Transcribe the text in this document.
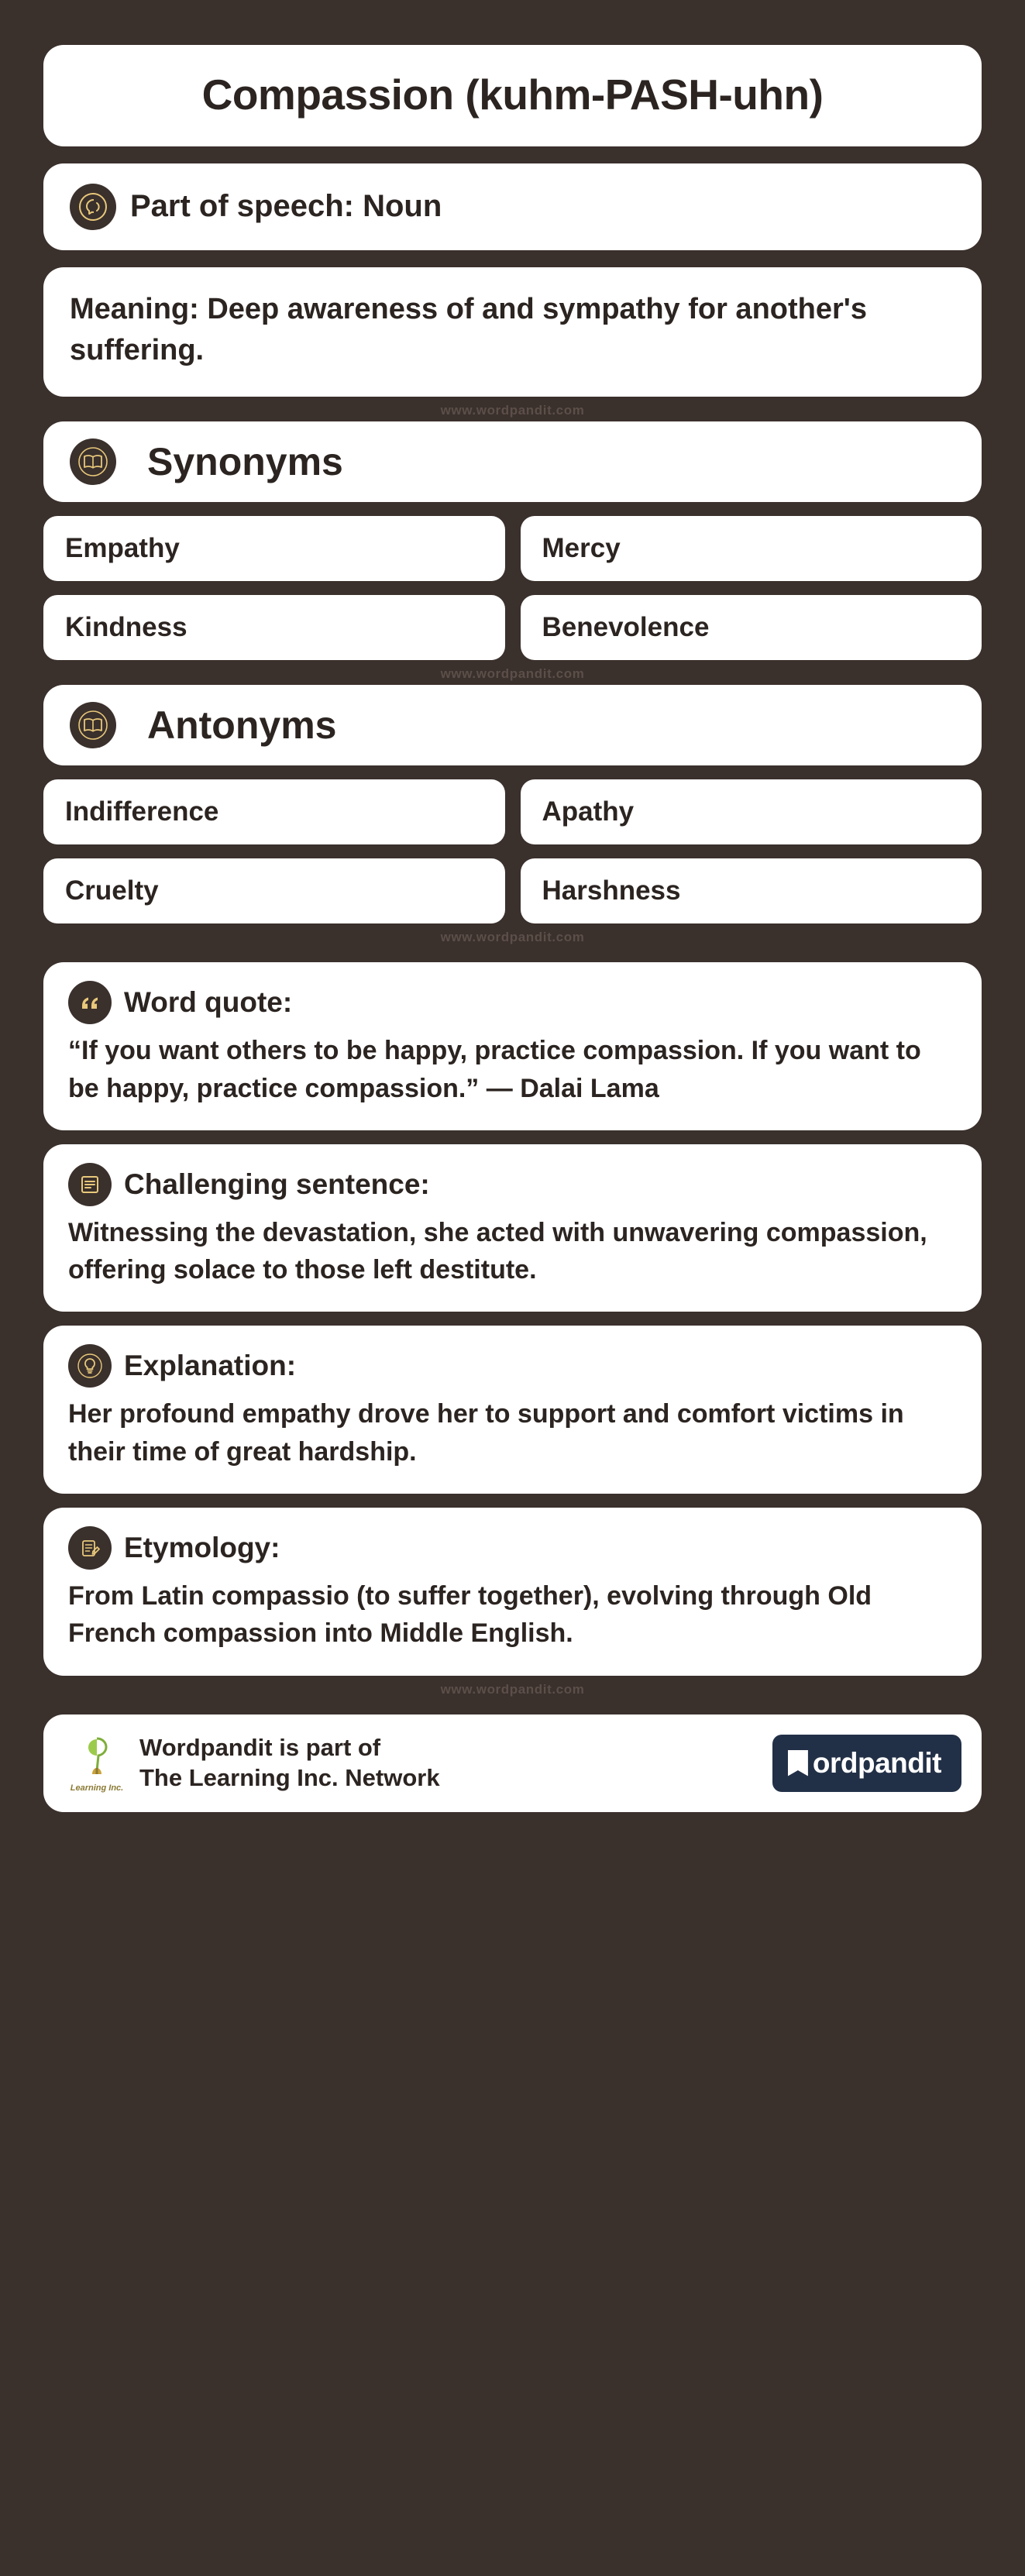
Compassion (kuhm-PASH-uhn)
Part of speech: Noun
Meaning: Deep awareness of and sympathy for another's suffering.
www.wordpandit.com
Synonyms
Empathy	Mercy
Kindness	Benevolence
www.wordpandit.com
Antonyms
Indifference	Apathy
Cruelty	Harshness
www.wordpandit.com
Word quote:
“If you want others to be happy, practice compassion. If you want to be happy, practice compassion.” — Dalai Lama
Challenging sentence:
Witnessing the devastation, she acted with unwavering compassion, offering solace to those left destitute.
Explanation:
Her profound empathy drove her to support and comfort victims in their time of great hardship.
Etymology:
From Latin compassio (to suffer together), evolving through Old French compassion into Middle English.
www.wordpandit.com
Learning Inc.
Wordpandit is part of
The Learning Inc. Network	ordpandit
